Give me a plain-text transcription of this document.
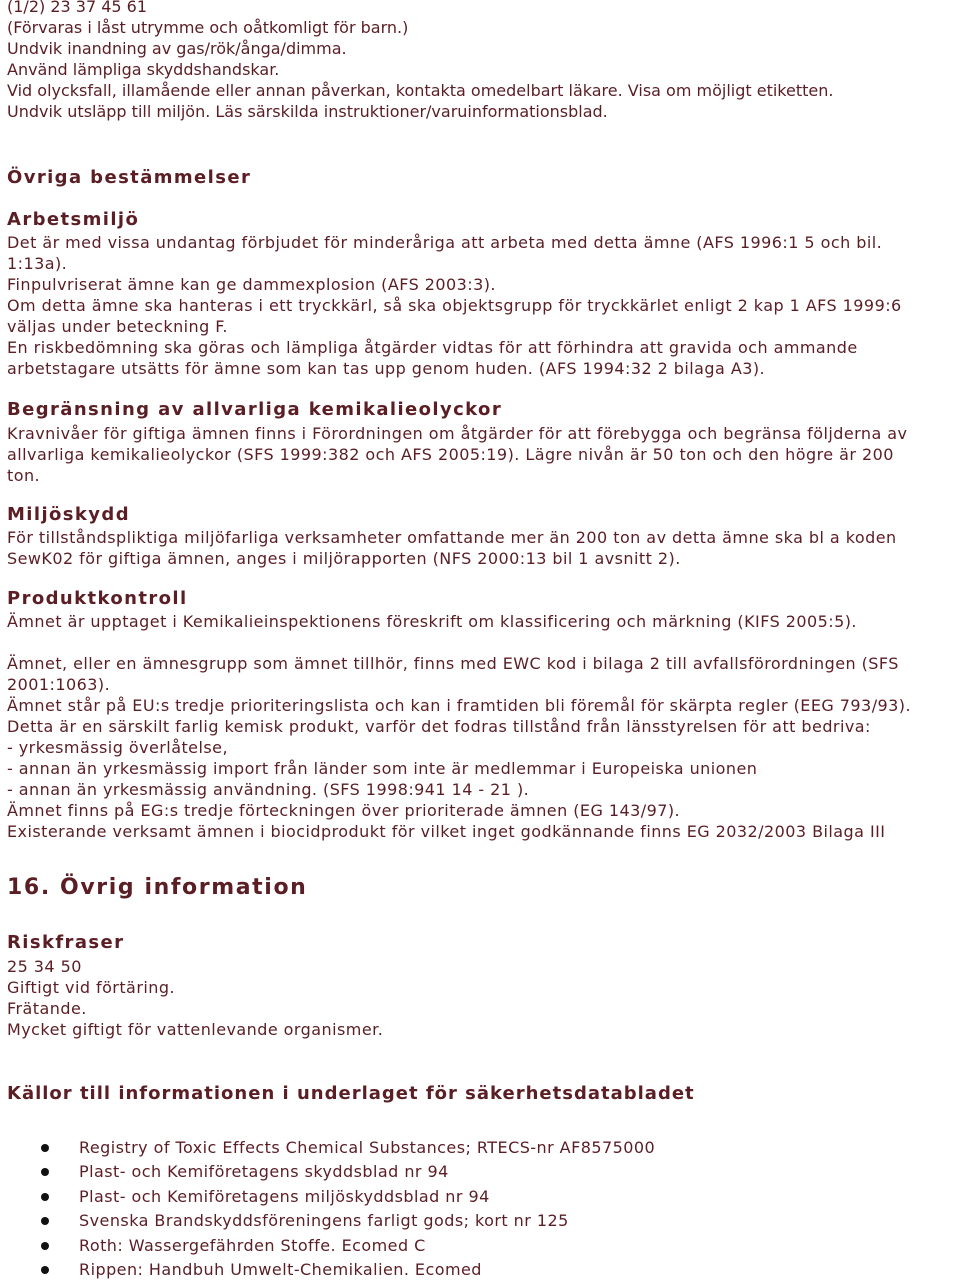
(1/2) 23 37 45 61
(Förvaras i låst utrymme och oåtkomligt för barn.)
Undvik inandning av gas/rök/ånga/dimma.
Använd lämpliga skyddshandskar.
Vid olycksfall, illamående eller annan påverkan, kontakta omedelbart läkare. Visa om möjligt etiketten.
Undvik utsläpp till miljön. Läs särskilda instruktioner/varuinformationsblad.
Övriga bestämmelser
Arbetsmiljö
Det är med vissa undantag förbjudet för minderåriga att arbeta med detta ämne (AFS 1996:1 5 och bil.
1:13a).
Finpulvriserat ämne kan ge dammexplosion (AFS 2003:3).
Om detta ämne ska hanteras i ett tryckkärl, så ska objektsgrupp för tryckkärlet enligt 2 kap 1 AFS 1999:6
väljas under beteckning F.
En riskbedömning ska göras och lämpliga åtgärder vidtas för att förhindra att gravida och ammande
arbetstagare utsätts för ämne som kan tas upp genom huden. (AFS 1994:32 2 bilaga A3).
Begränsning av allvarliga kemikalieolyckor
Kravnivåer för giftiga ämnen finns i Förordningen om åtgärder för att förebygga och begränsa följderna av
allvarliga kemikalieolyckor (SFS 1999:382 och AFS 2005:19). Lägre nivån är 50 ton och den högre är 200
ton.
Miljöskydd
För tillståndspliktiga miljöfarliga verksamheter omfattande mer än 200 ton av detta ämne ska bl a koden
SewK02 för giftiga ämnen, anges i miljörapporten (NFS 2000:13 bil 1 avsnitt 2).
Produktkontroll
Ämnet är upptaget i Kemikalieinspektionens föreskrift om klassificering och märkning (KIFS 2005:5).
Ämnet, eller en ämnesgrupp som ämnet tillhör, finns med EWC kod i bilaga 2 till avfallsförordningen (SFS
2001:1063).
Ämnet står på EU:s tredje prioriteringslista och kan i framtiden bli föremål för skärpta regler (EEG 793/93).
Detta är en särskilt farlig kemisk produkt, varför det fodras tillstånd från länsstyrelsen för att bedriva:
- yrkesmässig överlåtelse,
- annan än yrkesmässig import från länder som inte är medlemmar i Europeiska unionen
- annan än yrkesmässig användning. (SFS 1998:941 14 - 21 ).
Ämnet finns på EG:s tredje förteckningen över prioriterade ämnen (EG 143/97).
Existerande verksamt ämnen i biocidprodukt för vilket inget godkännande finns EG 2032/2003 Bilaga III
16. Övrig information
Riskfraser
25 34 50
Giftigt vid förtäring.
Frätande.
Mycket giftigt för vattenlevande organismer.
Källor till informationen i underlaget för säkerhetsdatabladet
Registry of Toxic Effects Chemical Substances; RTECS-nr AF8575000
Plast- och Kemiföretagens skyddsblad nr 94
Plast- och Kemiföretagens miljöskyddsblad nr 94
Svenska Brandskyddsföreningens farligt gods; kort nr 125
Roth: Wassergefährden Stoffe. Ecomed C
Rippen: Handbuh Umwelt-Chemikalien. Ecomed
